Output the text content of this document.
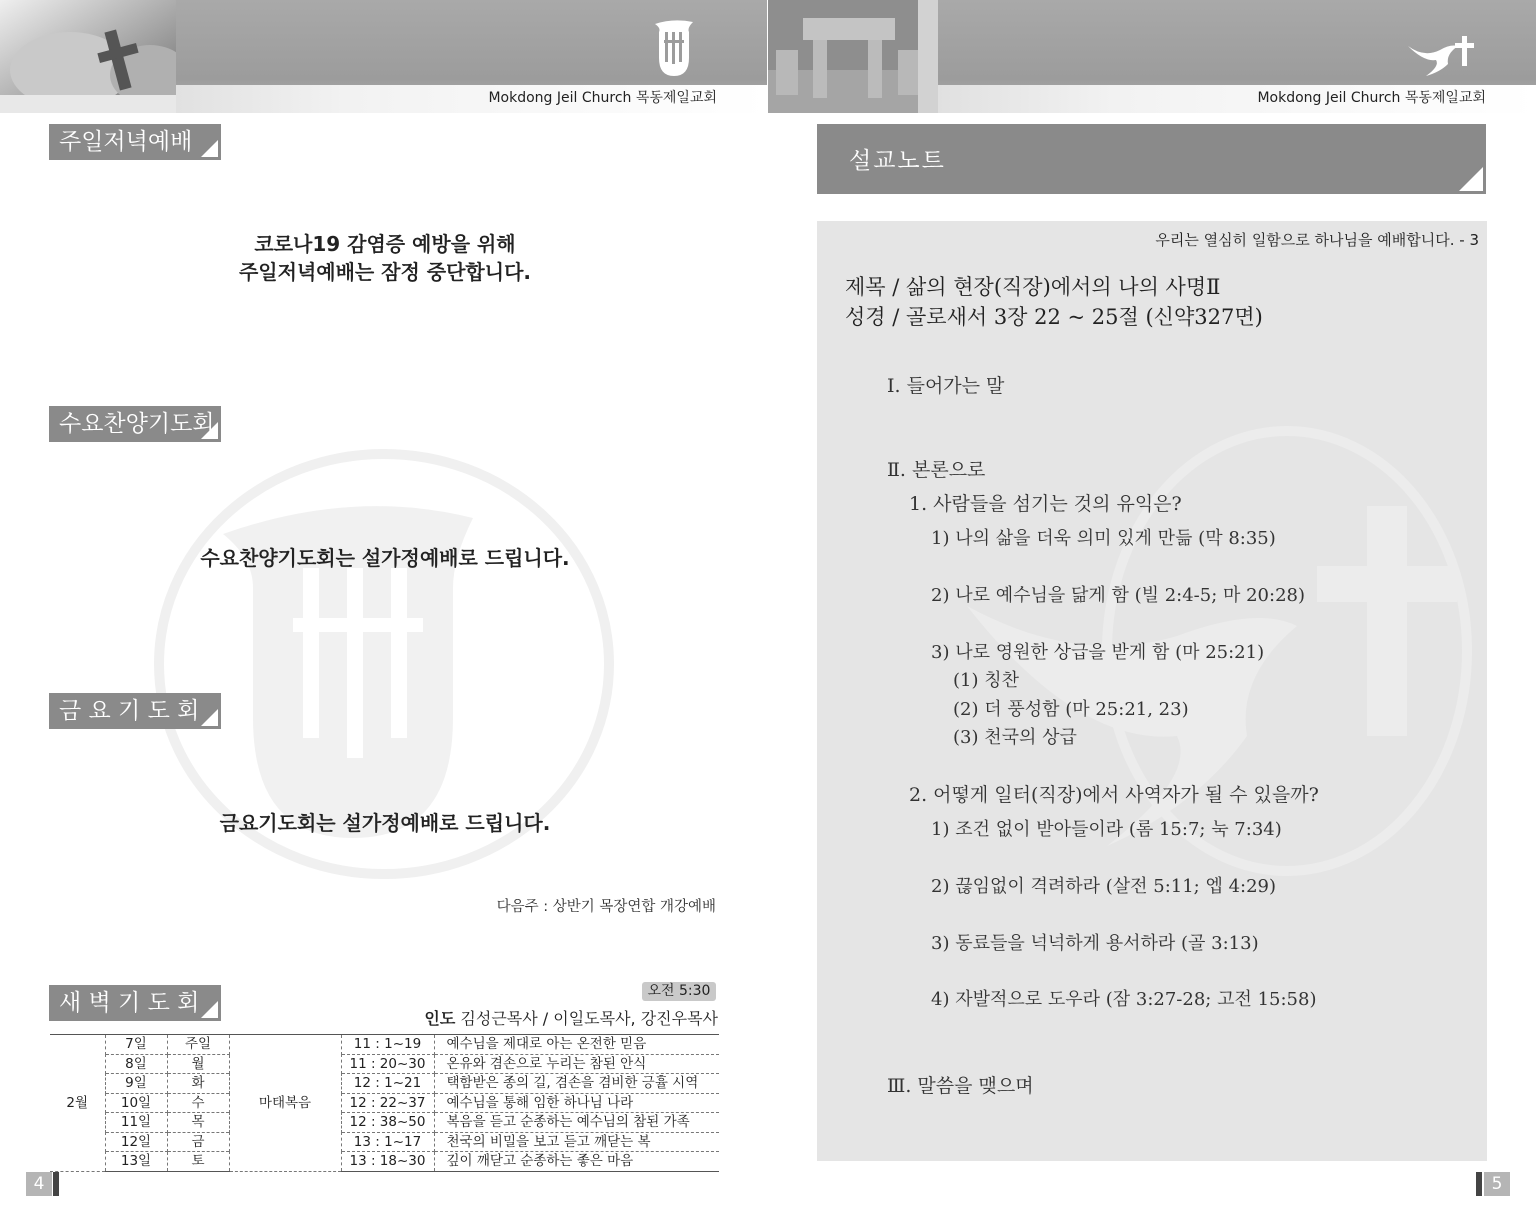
Mokdong Jeil Church 목동제일교회	Mokdong Jeil Church 목동제일교회
주일저녁예배
코로나19 감염증 예방을 위해
주일저녁예배는 잠정 중단합니다.
수요찬양기도회
수요찬양기도회는 설가정예배로 드립니다.
금 요 기 도 회
금요기도회는 설가정예배로 드립니다.
다음주 : 상반기 목장연합 개강예배
새 벽 기 도 회	오전 5:30
인도 김성근목사 / 이일도목사, 강진우목사
2월	7일	주일	마태복음	11 : 1~19	예수님을 제대로 아는 온전한 믿음
	8일	월		11 : 20~30	온유와 겸손으로 누리는 참된 안식
	9일	화		12 : 1~21	택함받은 종의 길, 겸손을 겸비한 긍휼 시역
	10일	수		12 : 22~37	예수님을 통해 임한 하나님 나라
	11일	목		12 : 38~50	복음을 듣고 순종하는 예수님의 참된 가족
	12일	금		13 : 1~17	천국의 비밀을 보고 듣고 깨닫는 복
	13일	토		13 : 18~30	깊이 깨닫고 순종하는 좋은 마음
4
설교노트
우리는 열심히 일함으로 하나님을 예배합니다. - 3
제목 / 삶의 현장(직장)에서의 나의 사명Ⅱ
성경 / 골로새서 3장 22 ~ 25절 (신약327면)
Ⅰ. 들어가는 말
Ⅱ. 본론으로
1. 사람들을 섬기는 것의 유익은?
1) 나의 삶을 더욱 의미 있게 만듦 (막 8:35)
2) 나로 예수님을 닮게 함 (빌 2:4-5; 마 20:28)
3) 나로 영원한 상급을 받게 함 (마 25:21)
(1) 칭찬
(2) 더 풍성함 (마 25:21, 23)
(3) 천국의 상급
2. 어떻게 일터(직장)에서 사역자가 될 수 있을까?
1) 조건 없이 받아들이라 (롬 15:7; 눅 7:34)
2) 끊임없이 격려하라 (살전 5:11; 엡 4:29)
3) 동료들을 넉넉하게 용서하라 (골 3:13)
4) 자발적으로 도우라 (잠 3:27-28; 고전 15:58)
Ⅲ. 말씀을 맺으며
5
